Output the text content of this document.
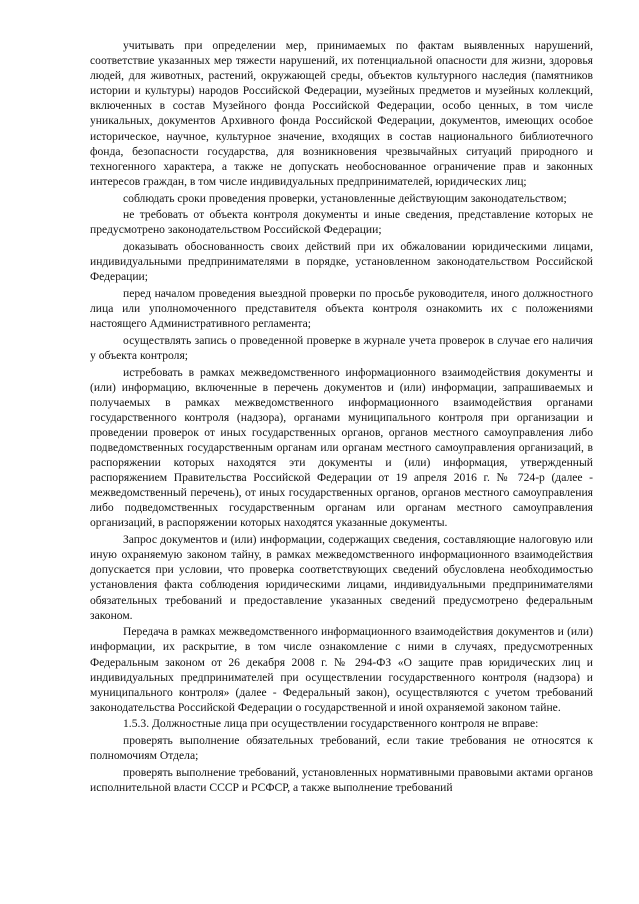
учитывать при определении мер, принимаемых по фактам выявленных нарушений, соответствие указанных мер тяжести нарушений, их потенциальной опасности для жизни, здоровья людей, для животных, растений, окружающей среды, объектов культурного наследия (памятников истории и культуры) народов Российской Федерации, музейных предметов и музейных коллекций, включенных в состав Музейного фонда Российской Федерации, особо ценных, в том числе уникальных, документов Архивного фонда Российской Федерации, документов, имеющих особое историческое, научное, культурное значение, входящих в состав национального библиотечного фонда, безопасности государства, для возникновения чрезвычайных ситуаций природного и техногенного характера, а также не допускать необоснованное ограничение прав и законных интересов граждан, в том числе индивидуальных предпринимателей, юридических лиц;

соблюдать сроки проведения проверки, установленные действующим законодательством;

не требовать от объекта контроля документы и иные сведения, представление которых не предусмотрено законодательством Российской Федерации;

доказывать обоснованность своих действий при их обжаловании юридическими лицами, индивидуальными предпринимателями в порядке, установленном законодательством Российской Федерации;

перед началом проведения выездной проверки по просьбе руководителя, иного должностного лица или уполномоченного представителя объекта контроля ознакомить их с положениями настоящего Административного регламента;

осуществлять запись о проведенной проверке в журнале учета проверок в случае его наличия у объекта контроля;

истребовать в рамках межведомственного информационного взаимодействия документы и (или) информацию, включенные в перечень документов и (или) информации, запрашиваемых и получаемых в рамках межведомственного информационного взаимодействия органами государственного контроля (надзора), органами муниципального контроля при организации и проведении проверок от иных государственных органов, органов местного самоуправления либо подведомственных государственным органам или органам местного самоуправления организаций, в распоряжении которых находятся эти документы и (или) информация, утвержденный распоряжением Правительства Российской Федерации от 19 апреля 2016 г. № 724-р (далее - межведомственный перечень), от иных государственных органов, органов местного самоуправления либо подведомственных государственным органам или органам местного самоуправления организаций, в распоряжении которых находятся указанные документы.

Запрос документов и (или) информации, содержащих сведения, составляющие налоговую или иную охраняемую законом тайну, в рамках межведомственного информационного взаимодействия допускается при условии, что проверка соответствующих сведений обусловлена необходимостью установления факта соблюдения юридическими лицами, индивидуальными предпринимателями обязательных требований и предоставление указанных сведений предусмотрено федеральным законом.

Передача в рамках межведомственного информационного взаимодействия документов и (или) информации, их раскрытие, в том числе ознакомление с ними в случаях, предусмотренных Федеральным законом от 26 декабря 2008 г. № 294-ФЗ «О защите прав юридических лиц и индивидуальных предпринимателей при осуществлении государственного контроля (надзора) и муниципального контроля» (далее - Федеральный закон), осуществляются с учетом требований законодательства Российской Федерации о государственной и иной охраняемой законом тайне.

1.5.3. Должностные лица при осуществлении государственного контроля не вправе:

проверять выполнение обязательных требований, если такие требования не относятся к полномочиям Отдела;

проверять выполнение требований, установленных нормативными правовыми актами органов исполнительной власти СССР и РСФСР, а также выполнение требований
